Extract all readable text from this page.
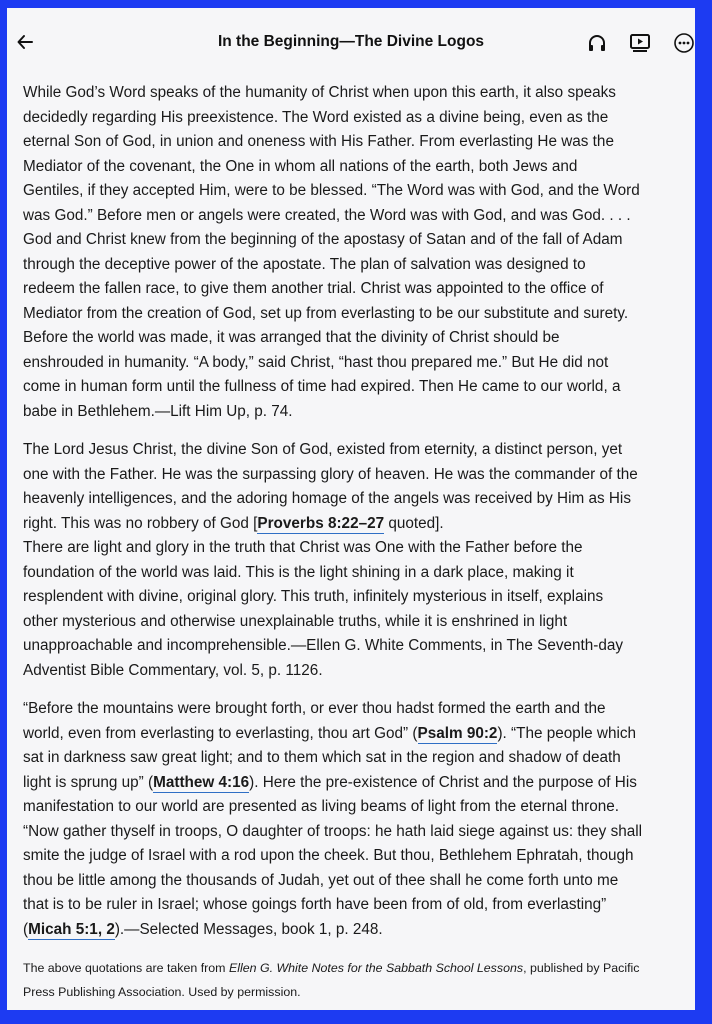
In the Beginning—The Divine Logos
While God’s Word speaks of the humanity of Christ when upon this earth, it also speaks
decidedly regarding His preexistence. The Word existed as a divine being, even as the
eternal Son of God, in union and oneness with His Father. From everlasting He was the
Mediator of the covenant, the One in whom all nations of the earth, both Jews and
Gentiles, if they accepted Him, were to be blessed. “The Word was with God, and the Word
was God.” Before men or angels were created, the Word was with God, and was God. . . .
God and Christ knew from the beginning of the apostasy of Satan and of the fall of Adam
through the deceptive power of the apostate. The plan of salvation was designed to
redeem the fallen race, to give them another trial. Christ was appointed to the office of
Mediator from the creation of God, set up from everlasting to be our substitute and surety.
Before the world was made, it was arranged that the divinity of Christ should be
enshrouded in humanity. “A body,” said Christ, “hast thou prepared me.” But He did not
come in human form until the fullness of time had expired. Then He came to our world, a
babe in Bethlehem.—Lift Him Up, p. 74.
The Lord Jesus Christ, the divine Son of God, existed from eternity, a distinct person, yet
one with the Father. He was the surpassing glory of heaven. He was the commander of the
heavenly intelligences, and the adoring homage of the angels was received by Him as His
right. This was no robbery of God [Proverbs 8:22–27 quoted].
There are light and glory in the truth that Christ was One with the Father before the
foundation of the world was laid. This is the light shining in a dark place, making it
resplendent with divine, original glory. This truth, infinitely mysterious in itself, explains
other mysterious and otherwise unexplainable truths, while it is enshrined in light
unapproachable and incomprehensible.—Ellen G. White Comments, in The Seventh-day
Adventist Bible Commentary, vol. 5, p. 1126.
“Before the mountains were brought forth, or ever thou hadst formed the earth and the
world, even from everlasting to everlasting, thou art God” (Psalm 90:2). “The people which
sat in darkness saw great light; and to them which sat in the region and shadow of death
light is sprung up” (Matthew 4:16). Here the pre-existence of Christ and the purpose of His
manifestation to our world are presented as living beams of light from the eternal throne.
“Now gather thyself in troops, O daughter of troops: he hath laid siege against us: they shall
smite the judge of Israel with a rod upon the cheek. But thou, Bethlehem Ephratah, though
thou be little among the thousands of Judah, yet out of thee shall he come forth unto me
that is to be ruler in Israel; whose goings forth have been from of old, from everlasting”
(Micah 5:1, 2).—Selected Messages, book 1, p. 248.
The above quotations are taken from Ellen G. White Notes for the Sabbath School Lessons, published by Pacific
Press Publishing Association. Used by permission.
